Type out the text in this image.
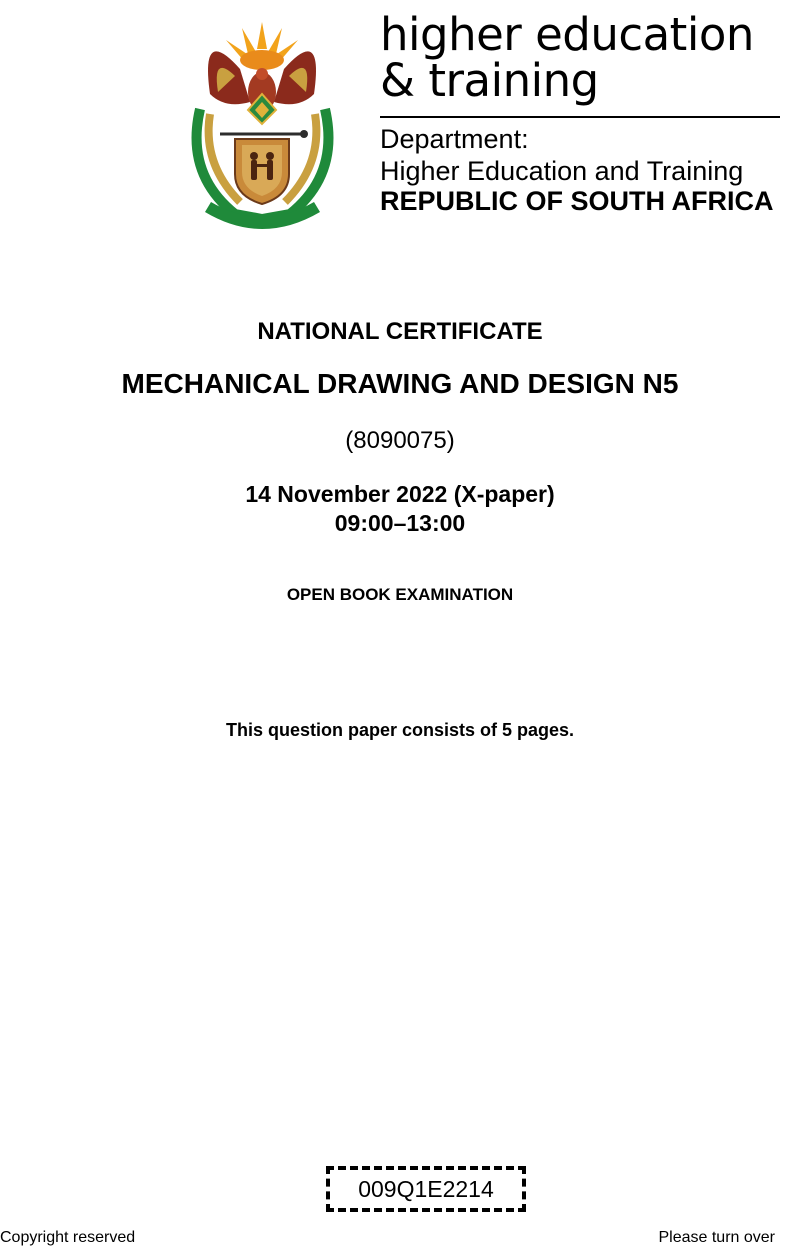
higher education
& training
Department:
Higher Education and Training
REPUBLIC OF SOUTH AFRICA
NATIONAL CERTIFICATE
MECHANICAL DRAWING AND DESIGN N5
(8090075)
14 November 2022 (X-paper)
09:00–13:00
OPEN BOOK EXAMINATION
This question paper consists of 5 pages.
009Q1E2214
Copyright reserved	Please turn over
